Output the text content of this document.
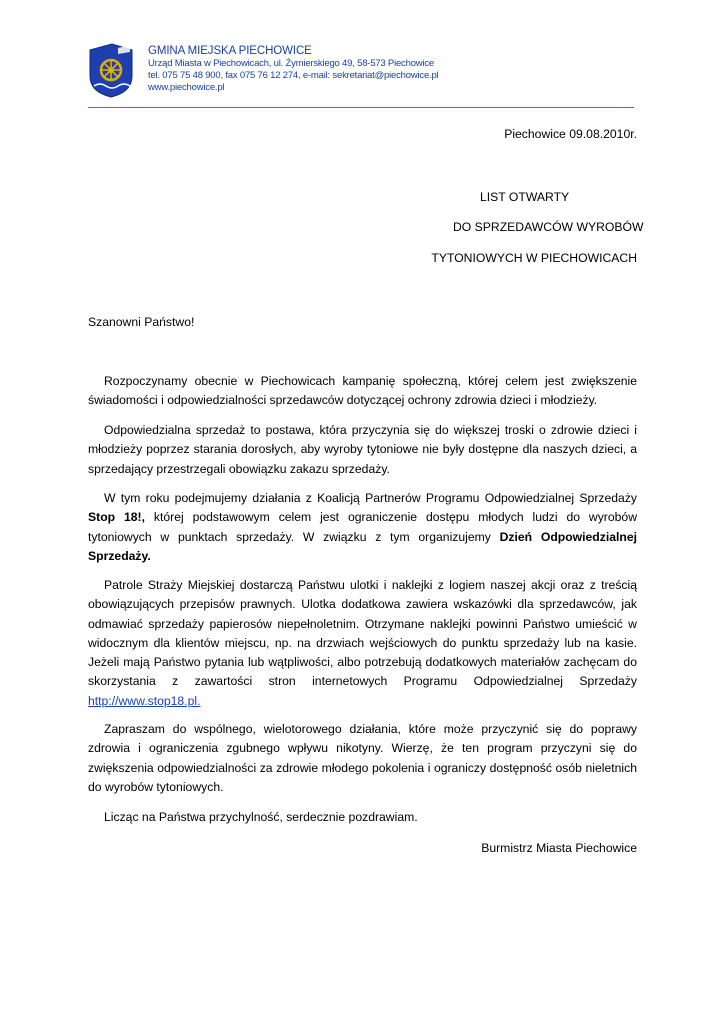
GMINA MIEJSKA PIECHOWICE
Urząd Miasta w Piechowicach, ul. Żymierskiego 49, 58-573 Piechowice
tel. 075 75 48 900, fax 075 76 12 274, e-mail: sekretariat@piechowice.pl
www.piechowice.pl
Piechowice 09.08.2010r.
LIST OTWARTY
DO SPRZEDAWCÓW WYROBÓW
TYTONIOWYCH W PIECHOWICACH
Szanowni Państwo!

Rozpoczynamy obecnie w Piechowicach kampanię społeczną, której celem jest zwiększenie świadomości i odpowiedzialności sprzedawców dotyczącej ochrony zdrowia dzieci i młodzieży.

Odpowiedzialna sprzedaż to postawa, która przyczynia się do większej troski o zdrowie dzieci i młodzieży poprzez starania dorosłych, aby wyroby tytoniowe nie były dostępne dla naszych dzieci, a sprzedający przestrzegali obowiązku zakazu sprzedaży.

W tym roku podejmujemy działania z Koalicją Partnerów Programu Odpowiedzialnej Sprzedaży Stop 18!, której podstawowym celem jest ograniczenie dostępu młodych ludzi do wyrobów tytoniowych w punktach sprzedaży. W związku z tym organizujemy Dzień Odpowiedzialnej Sprzedaży.

Patrole Straży Miejskiej dostarczą Państwu ulotki i naklejki z logiem naszej akcji oraz z treścią obowiązujących przepisów prawnych. Ulotka dodatkowa zawiera wskazówki dla sprzedawców, jak odmawiać sprzedaży papierosów niepełnoletnim. Otrzymane naklejki powinni Państwo umieścić w widocznym dla klientów miejscu, np. na drzwiach wejściowych do punktu sprzedaży lub na kasie. Jeżeli mają Państwo pytania lub wątpliwości, albo potrzebują dodatkowych materiałów zachęcam do skorzystania z zawartości stron internetowych Programu Odpowiedzialnej Sprzedaży http://www.stop18.pl.

Zapraszam do wspólnego, wielotorowego działania, które może przyczynić się do poprawy zdrowia i ograniczenia zgubnego wpływu nikotyny. Wierzę, że ten program przyczyni się do zwiększenia odpowiedzialności za zdrowie młodego pokolenia i ograniczy dostępność osób nieletnich do wyrobów tytoniowych.

Licząc na Państwa przychylność, serdecznie pozdrawiam.
Burmistrz Miasta Piechowice
